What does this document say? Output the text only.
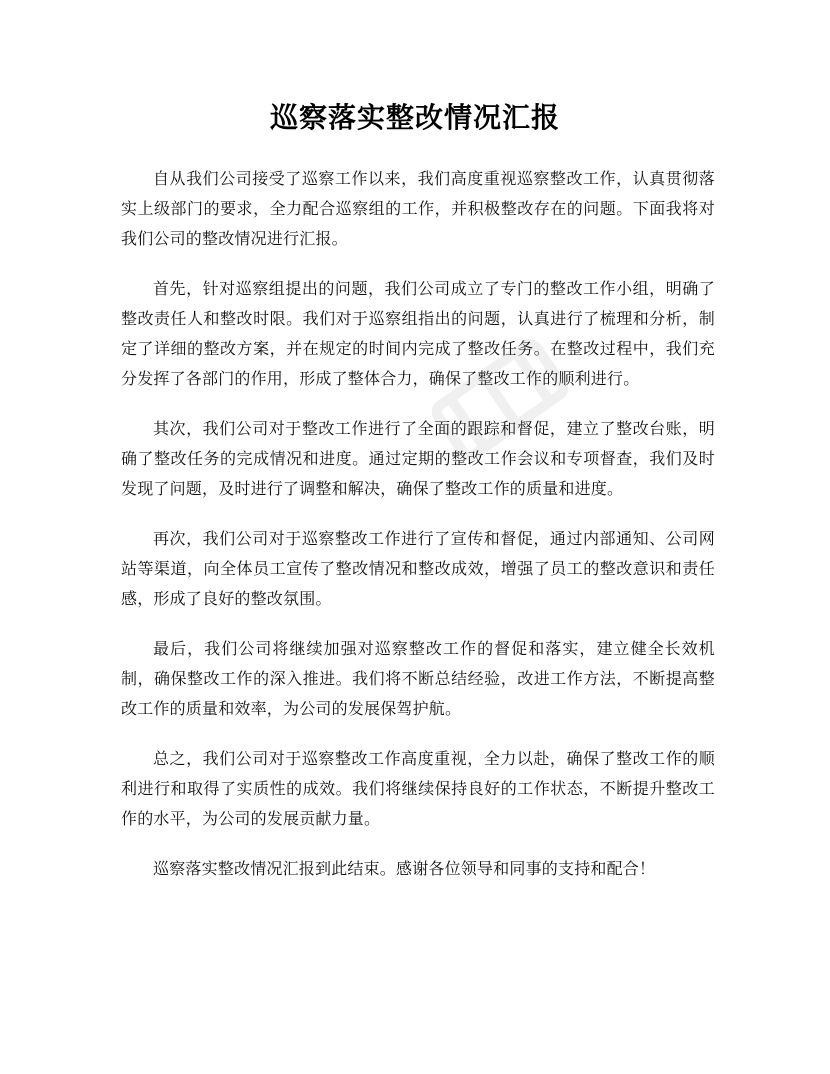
巡察落实整改情况汇报

自从我们公司接受了巡察工作以来，我们高度重视巡察整改工作，认真贯彻落实上级部门的要求，全力配合巡察组的工作，并积极整改存在的问题。下面我将对我们公司的整改情况进行汇报。

首先，针对巡察组提出的问题，我们公司成立了专门的整改工作小组，明确了整改责任人和整改时限。我们对于巡察组指出的问题，认真进行了梳理和分析，制定了详细的整改方案，并在规定的时间内完成了整改任务。在整改过程中，我们充分发挥了各部门的作用，形成了整体合力，确保了整改工作的顺利进行。

其次，我们公司对于整改工作进行了全面的跟踪和督促，建立了整改台账，明确了整改任务的完成情况和进度。通过定期的整改工作会议和专项督查，我们及时发现了问题，及时进行了调整和解决，确保了整改工作的质量和进度。

再次，我们公司对于巡察整改工作进行了宣传和督促，通过内部通知、公司网站等渠道，向全体员工宣传了整改情况和整改成效，增强了员工的整改意识和责任感，形成了良好的整改氛围。

最后，我们公司将继续加强对巡察整改工作的督促和落实，建立健全长效机制，确保整改工作的深入推进。我们将不断总结经验，改进工作方法，不断提高整改工作的质量和效率，为公司的发展保驾护航。

总之，我们公司对于巡察整改工作高度重视，全力以赴，确保了整改工作的顺利进行和取得了实质性的成效。我们将继续保持良好的工作状态，不断提升整改工作的水平，为公司的发展贡献力量。

巡察落实整改情况汇报到此结束。感谢各位领导和同事的支持和配合！
